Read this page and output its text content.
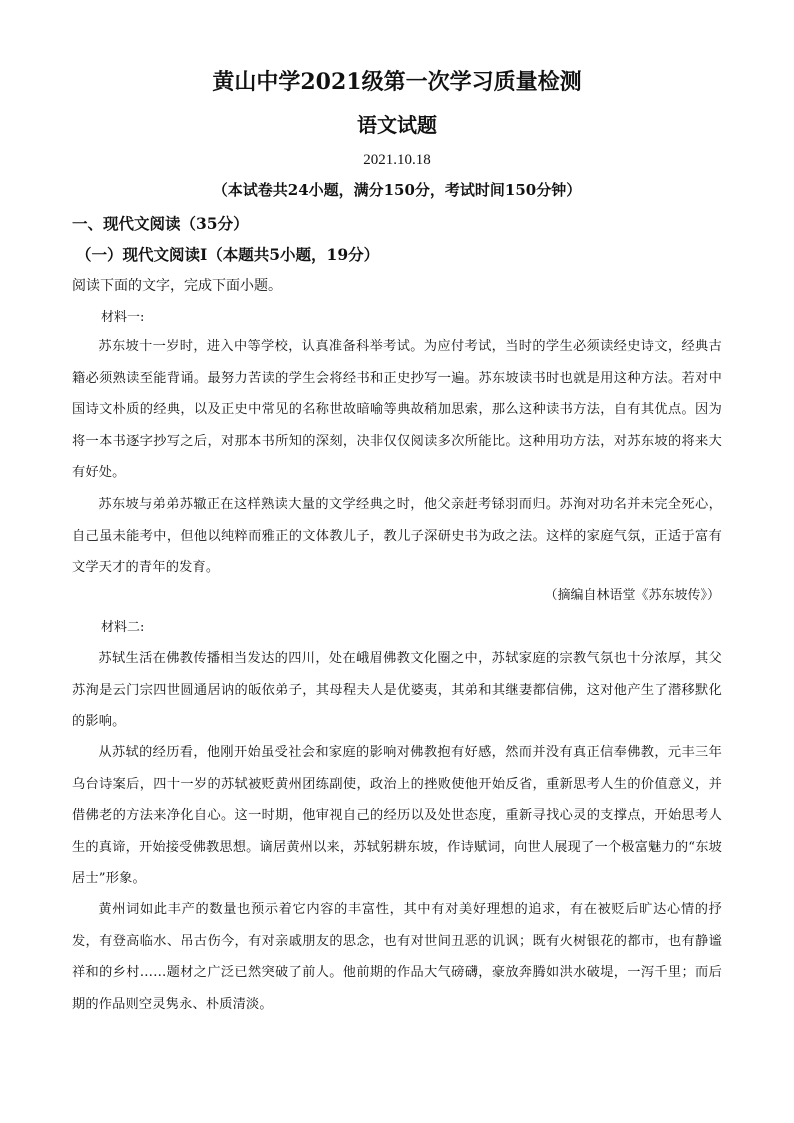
黄山中学2021级第一次学习质量检测
语文试题
2021.10.18
（本试卷共24小题，满分150分，考试时间150分钟）
一、现代文阅读（35分）
（一）现代文阅读Ⅰ（本题共5小题，19分）
阅读下面的文字，完成下面小题。
材料一:

苏东坡十一岁时，进入中等学校，认真准备科举考试。为应付考试，当时的学生必须读经史诗文，经典古籍必须熟读至能背诵。最努力苦读的学生会将经书和正史抄写一遍。苏东坡读书时也就是用这种方法。若对中国诗文朴质的经典，以及正史中常见的名称世故暗喻等典故稍加思索，那么这种读书方法，自有其优点。因为将一本书逐字抄写之后，对那本书所知的深刻，决非仅仅阅读多次所能比。这种用功方法，对苏东坡的将来大有好处。

苏东坡与弟弟苏辙正在这样熟读大量的文学经典之时，他父亲赶考铩羽而归。苏洵对功名并未完全死心，自己虽未能考中，但他以纯粹而雅正的文体教儿子，教儿子深研史书为政之法。这样的家庭气氛，正适于富有文学天才的青年的发育。

（摘编自林语堂《苏东坡传》）
材料二:

苏轼生活在佛教传播相当发达的四川，处在峨眉佛教文化圈之中，苏轼家庭的宗教气氛也十分浓厚，其父苏洵是云门宗四世圆通居讷的皈依弟子，其母程夫人是优婆夷，其弟和其继妻都信佛，这对他产生了潜移默化的影响。

从苏轼的经历看，他刚开始虽受社会和家庭的影响对佛教抱有好感，然而并没有真正信奉佛教，元丰三年乌台诗案后，四十一岁的苏轼被贬黄州团练副使，政治上的挫败使他开始反省，重新思考人生的价值意义，并借佛老的方法来净化自心。这一时期，他审视自己的经历以及处世态度，重新寻找心灵的支撑点，开始思考人生的真谛，开始接受佛教思想。谪居黄州以来，苏轼躬耕东坡，作诗赋词，向世人展现了一个极富魅力的“东坡居士”形象。

黄州词如此丰产的数量也预示着它内容的丰富性，其中有对美好理想的追求，有在被贬后旷达心情的抒发，有登高临水、吊古伤今，有对亲戚朋友的思念，也有对世间丑恶的讥讽；既有火树银花的都市，也有静谧祥和的乡村……题材之广泛已然突破了前人。他前期的作品大气磅礴，豪放奔腾如洪水破堤，一泻千里；而后期的作品则空灵隽永、朴质清淡。
